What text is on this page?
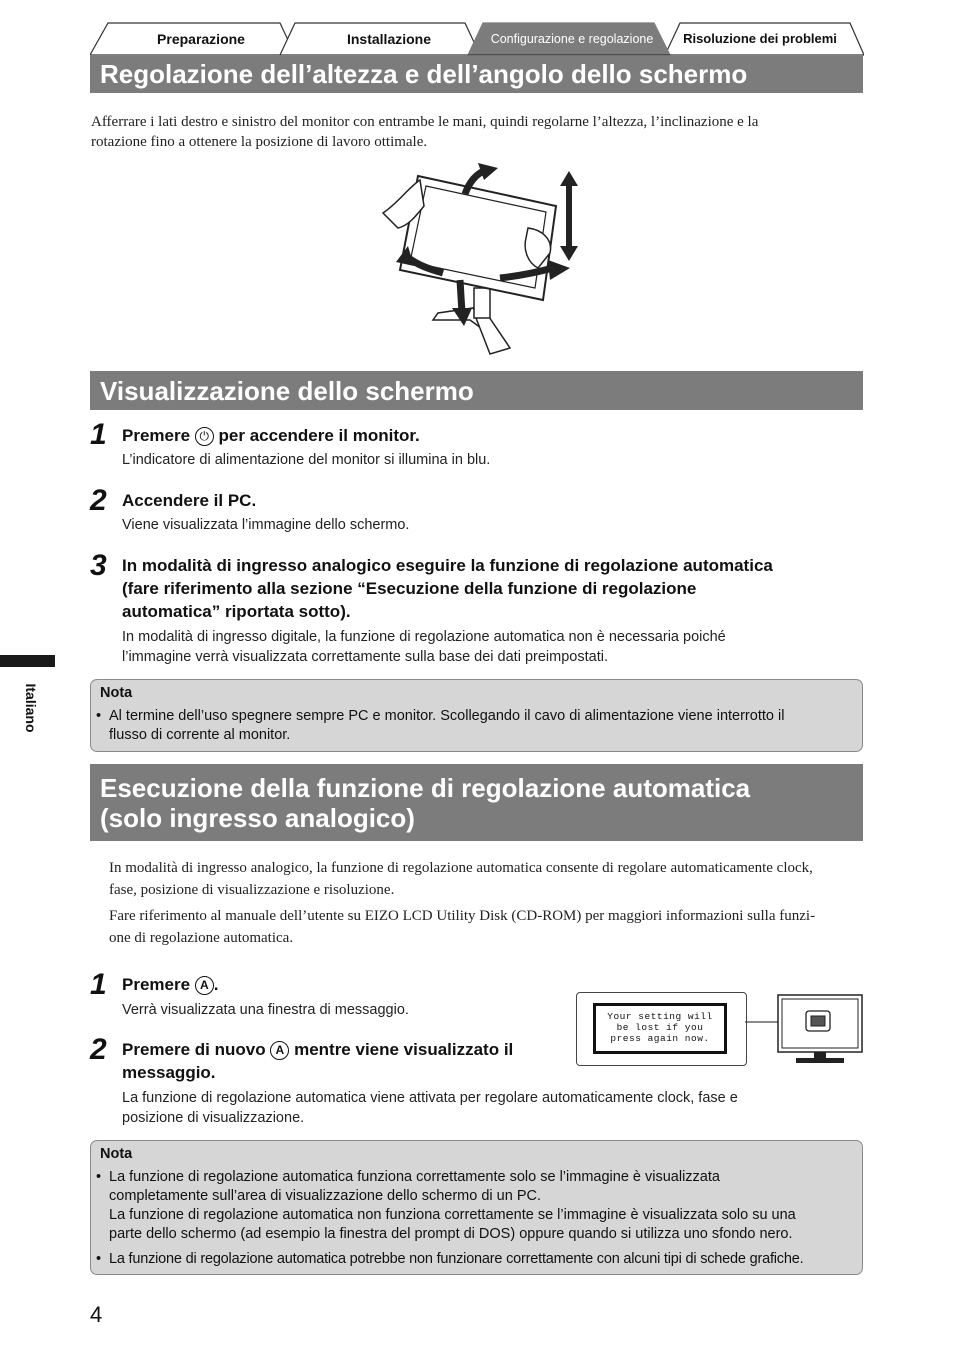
Preparazione	Installazione	Configurazione e regolazione	Risoluzione dei problemi
Regolazione dell’altezza e dell’angolo dello schermo
Afferrare i lati destro e sinistro del monitor con entrambe le mani, quindi regolarne l’altezza, l’inclinazione e la
rotazione fino a ottenere la posizione di lavoro ottimale.
Visualizzazione dello schermo
1 Premere ⏻ per accendere il monitor.
L’indicatore di alimentazione del monitor si illumina in blu.
2 Accendere il PC.
Viene visualizzata l’immagine dello schermo.
3 In modalità di ingresso analogico eseguire la funzione di regolazione automatica
(fare riferimento alla sezione “Esecuzione della funzione di regolazione
automatica” riportata sotto).
In modalità di ingresso digitale, la funzione di regolazione automatica non è necessaria poiché
l’immagine verrà visualizzata correttamente sulla base dei dati preimpostati.
Nota
• Al termine dell’uso spegnere sempre PC e monitor. Scollegando il cavo di alimentazione viene interrotto il
flusso di corrente al monitor.
Italiano
Esecuzione della funzione di regolazione automatica
(solo ingresso analogico)
In modalità di ingresso analogico, la funzione di regolazione automatica consente di regolare automaticamente clock,
fase, posizione di visualizzazione e risoluzione.
Fare riferimento al manuale dell’utente su EIZO LCD Utility Disk (CD-ROM) per maggiori informazioni sulla funzi-
one di regolazione automatica.
1 Premere A .
Verrà visualizzata una finestra di messaggio.
2 Premere di nuovo A mentre viene visualizzato il
messaggio.
La funzione di regolazione automatica viene attivata per regolare automaticamente clock, fase e
posizione di visualizzazione.
Your setting will
be lost if you
press again now.
Nota
• La funzione di regolazione automatica funziona correttamente solo se l’immagine è visualizzata
completamente sull’area di visualizzazione dello schermo di un PC.
La funzione di regolazione automatica non funziona correttamente se l’immagine è visualizzata solo su una
parte dello schermo (ad esempio la finestra del prompt di DOS) oppure quando si utilizza uno sfondo nero.
• La funzione di regolazione automatica potrebbe non funzionare correttamente con alcuni tipi di schede grafiche.
4
